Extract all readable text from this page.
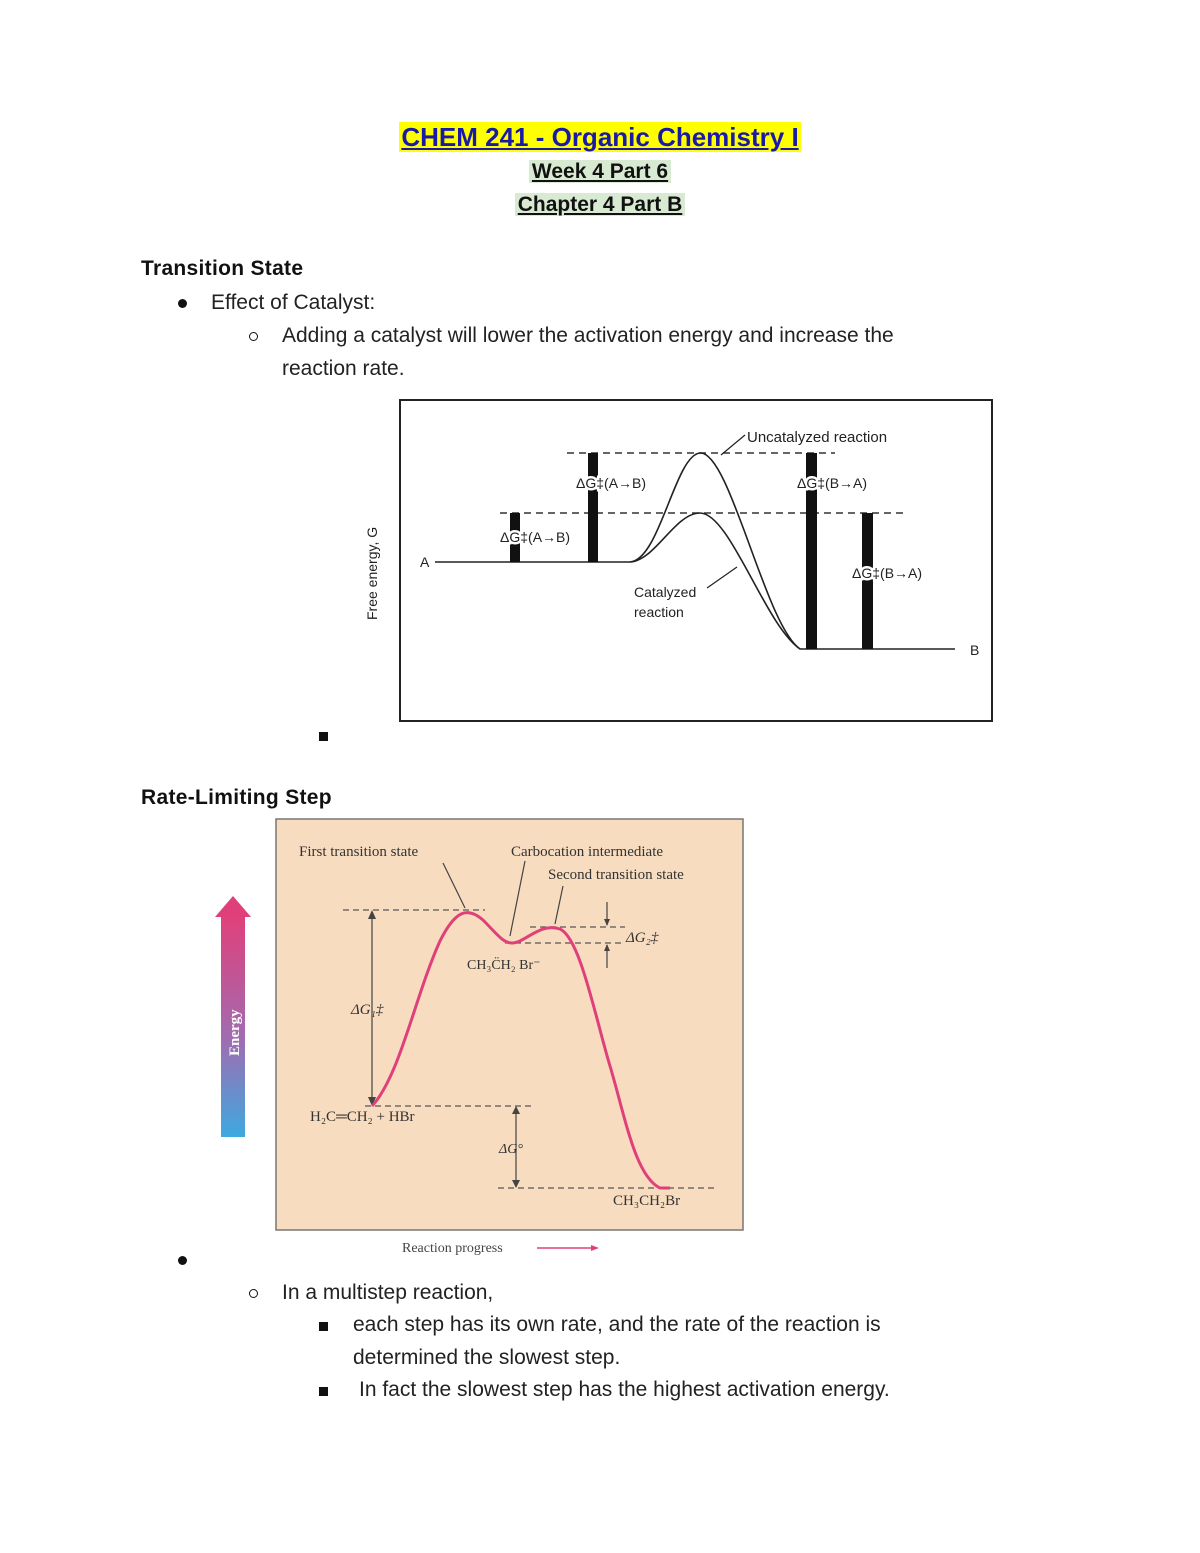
CHEM 241 - Organic Chemistry I
Week 4 Part 6
Chapter 4 Part B
Transition State
Effect of Catalyst:
Adding a catalyst will lower the activation energy and increase the
reaction rate.
Free energy, G	A
B
ΔG‡(A→B)
ΔG‡(A→B)	ΔG‡(B→A)
ΔG‡(B→A)
Uncatalyzed reaction
Catalyzed
reaction
Rate-Limiting Step
Energy
First transition state	Carbocation intermediate
Second transition state
CH₃C̈H₂ Br⁻
ΔG₁‡
ΔG₂‡
ΔG°
H₂C═CH₂ + HBr
CH₃CH₂Br
Reaction progress
In a multistep reaction,
each step has its own rate, and the rate of the reaction is
determined the slowest step.
In fact the slowest step has the highest activation energy.
